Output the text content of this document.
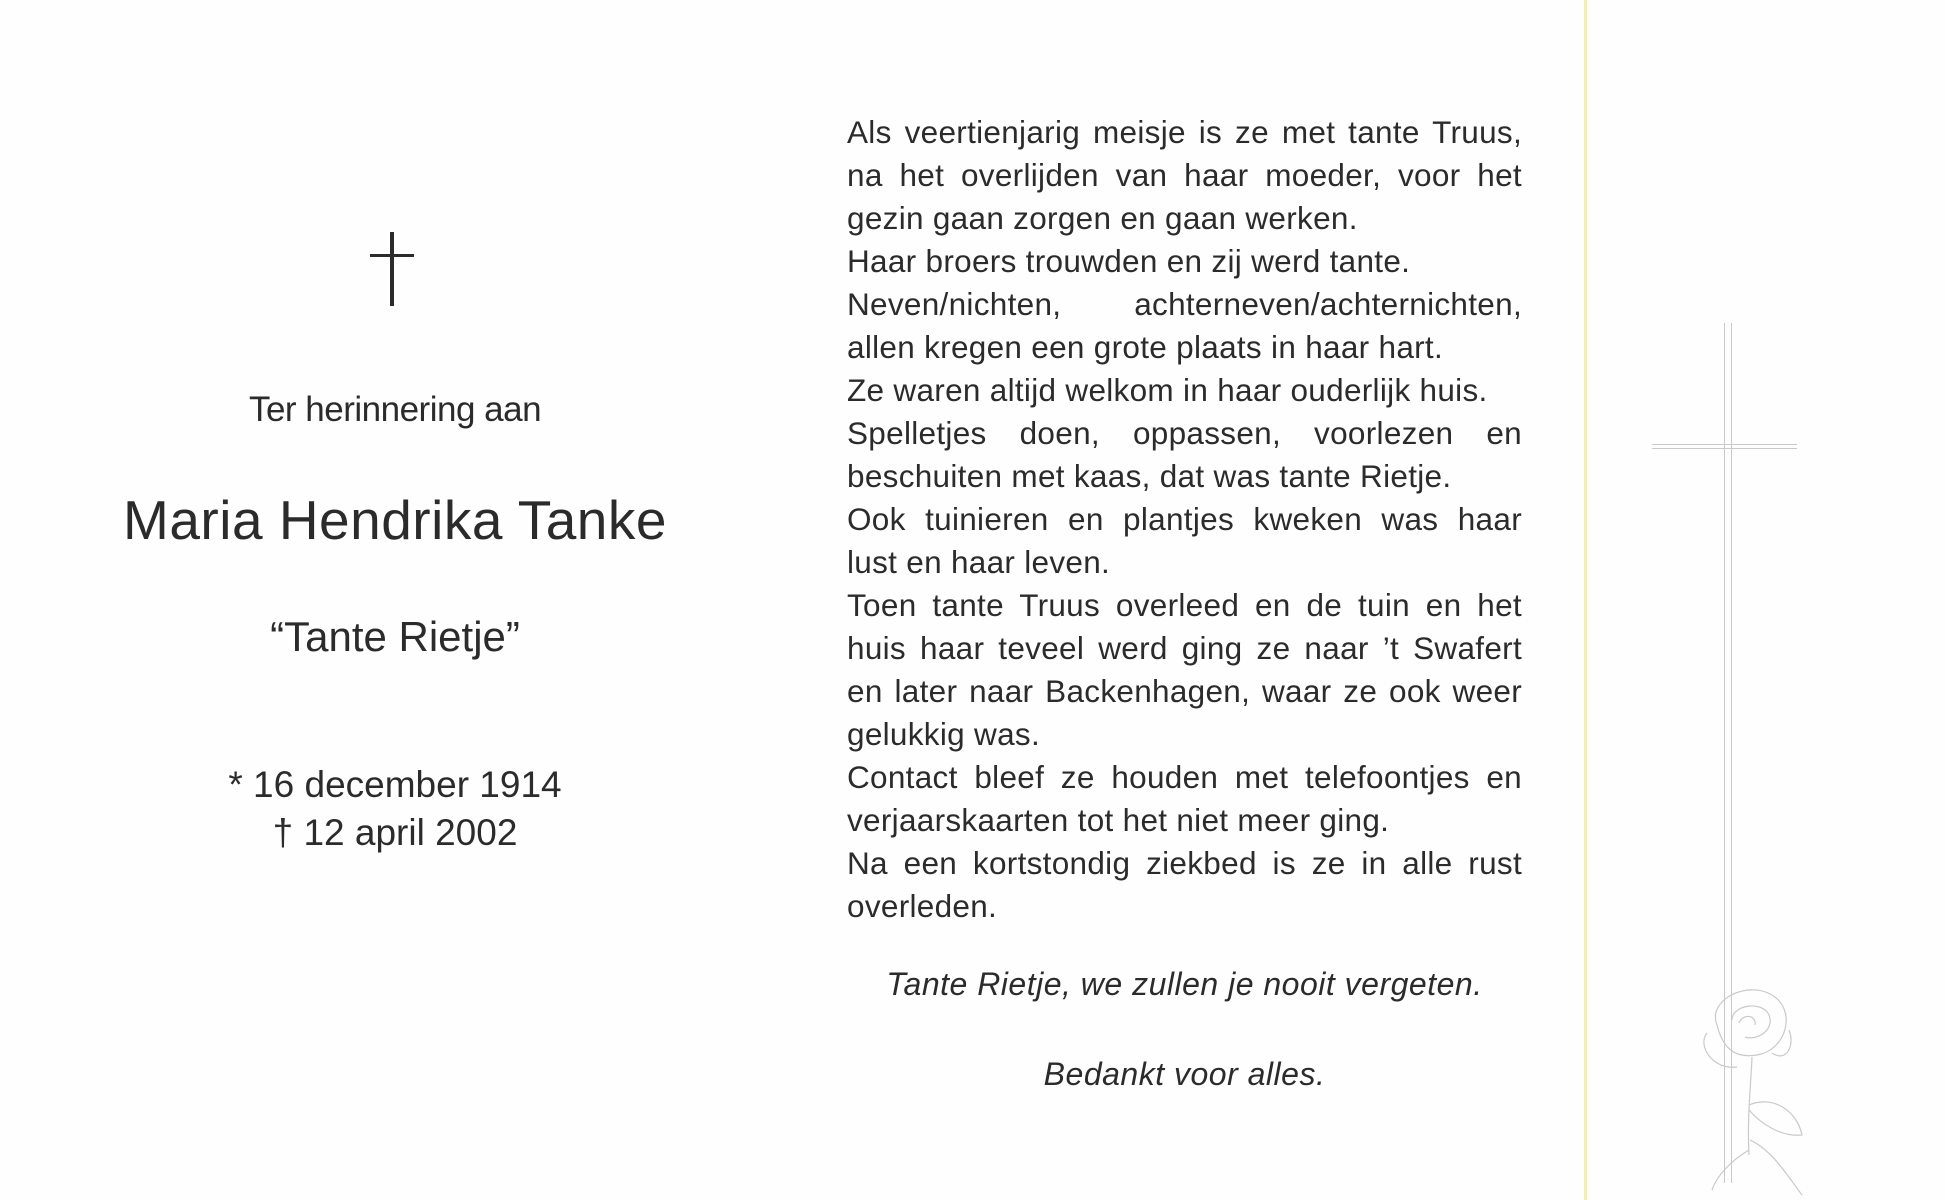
Ter herinnering aan
Maria Hendrika Tanke
“Tante Rietje”
* 16 december 1914
† 12 april 2002
Als veertienjarig meisje is ze met tante Truus,
na het overlijden van haar moeder, voor het
gezin gaan zorgen en gaan werken.
Haar broers trouwden en zij werd tante.
Neven/nichten, achterneven/achternichten,
allen kregen een grote plaats in haar hart.
Ze waren altijd welkom in haar ouderlijk huis.
Spelletjes doen, oppassen, voorlezen en
beschuiten met kaas, dat was tante Rietje.
Ook tuinieren en plantjes kweken was haar
lust en haar leven.
Toen tante Truus overleed en de tuin en het
huis haar teveel werd ging ze naar ’t Swafert
en later naar Backenhagen, waar ze ook weer
gelukkig was.
Contact bleef ze houden met telefoontjes en
verjaarskaarten tot het niet meer ging.
Na een kortstondig ziekbed is ze in alle rust
overleden.
Tante Rietje, we zullen je nooit vergeten.
Bedankt voor alles.
